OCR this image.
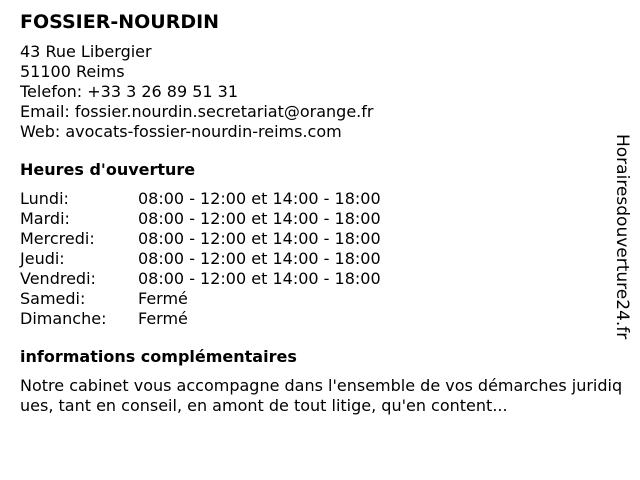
FOSSIER-NOURDIN
43 Rue Libergier
51100 Reims
Telefon: +33 3 26 89 51 31
Email: fossier.nourdin.secretariat@orange.fr
Web: avocats-fossier-nourdin-reims.com
Heures d'ouverture
Lundi:	08:00 - 12:00 et 14:00 - 18:00
Mardi:	08:00 - 12:00 et 14:00 - 18:00
Mercredi:	08:00 - 12:00 et 14:00 - 18:00
Jeudi:	08:00 - 12:00 et 14:00 - 18:00
Vendredi:	08:00 - 12:00 et 14:00 - 18:00
Samedi:	Fermé
Dimanche:	Fermé
informations complémentaires
Notre cabinet vous accompagne dans l'ensemble de vos démarches juridiques, tant en conseil, en amont de tout litige, qu'en content...
Horairesdouverture24.fr
